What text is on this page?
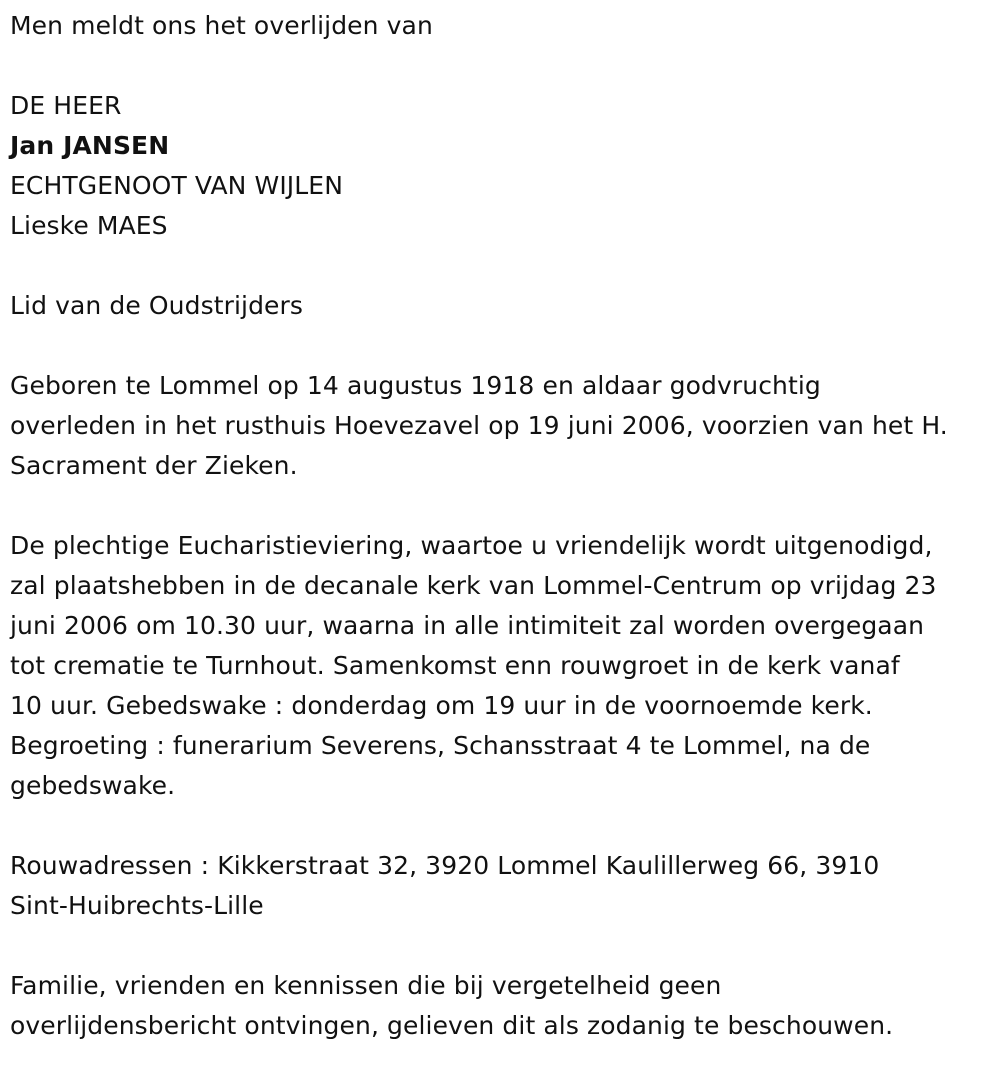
Men meldt ons het overlijden van
DE HEER
Jan JANSEN
ECHTGENOOT VAN WIJLEN
Lieske MAES
Lid van de Oudstrijders
Geboren te Lommel op 14 augustus 1918 en aldaar godvruchtig
overleden in het rusthuis Hoevezavel op 19 juni 2006, voorzien van het H.
Sacrament der Zieken.
De plechtige Eucharistieviering, waartoe u vriendelijk wordt uitgenodigd,
zal plaatshebben in de decanale kerk van Lommel-Centrum op vrijdag 23
juni 2006 om 10.30 uur, waarna in alle intimiteit zal worden overgegaan
tot crematie te Turnhout. Samenkomst enn rouwgroet in de kerk vanaf
10 uur. Gebedswake : donderdag om 19 uur in de voornoemde kerk.
Begroeting : funerarium Severens, Schansstraat 4 te Lommel, na de
gebedswake.
Rouwadressen : Kikkerstraat 32, 3920 Lommel Kaulillerweg 66, 3910
Sint-Huibrechts-Lille
Familie, vrienden en kennissen die bij vergetelheid geen
overlijdensbericht ontvingen, gelieven dit als zodanig te beschouwen.
